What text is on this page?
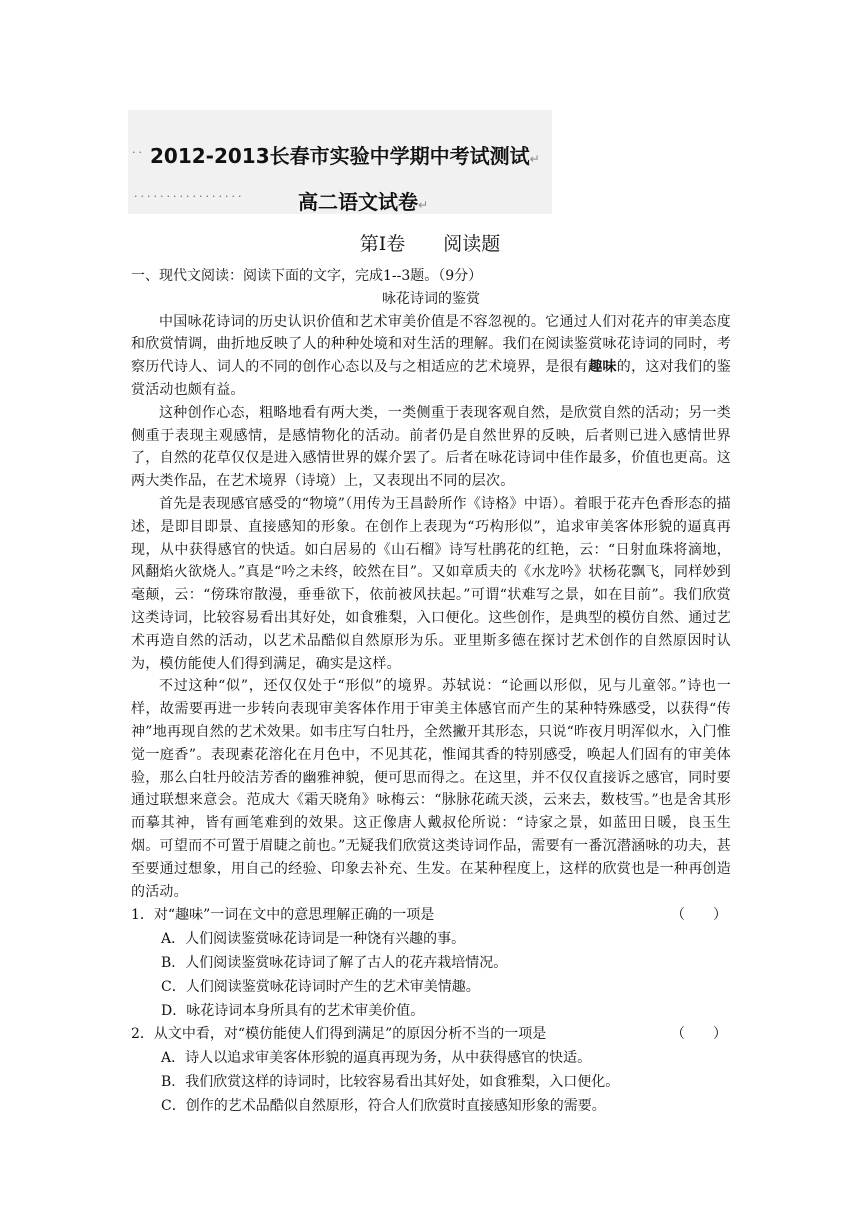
·· 2012-2013长春市实验中学期中考试测试↵
·················	高二语文试卷↵
第Ⅰ卷　　阅读题
一、现代文阅读：阅读下面的文字，完成1--3题。（9分）
咏花诗词的鉴赏

中国咏花诗词的历史认识价值和艺术审美价值是不容忽视的。它通过人们对花卉的审美态度和欣赏情调，曲折地反映了人的种种处境和对生活的理解。我们在阅读鉴赏咏花诗词的同时，考察历代诗人、词人的不同的创作心态以及与之相适应的艺术境界，是很有趣味的，这对我们的鉴赏活动也颇有益。

这种创作心态，粗略地看有两大类，一类侧重于表现客观自然，是欣赏自然的活动；另一类侧重于表现主观感情，是感情物化的活动。前者仍是自然世界的反映，后者则已进入感情世界了，自然的花草仅仅是进入感情世界的媒介罢了。后者在咏花诗词中佳作最多，价值也更高。这两大类作品，在艺术境界（诗境）上，又表现出不同的层次。

首先是表现感官感受的“物境”（用传为王昌龄所作《诗格》中语）。着眼于花卉色香形态的描述，是即目即景、直接感知的形象。在创作上表现为“巧构形似”，追求审美客体形貌的逼真再现，从中获得感官的快适。如白居易的《山石榴》诗写杜鹃花的红艳，云：“日射血珠将滴地，风翻焰火欲烧人。”真是“吟之未终，皎然在目”。又如章质夫的《水龙吟》状杨花飘飞，同样妙到毫颠，云：“傍珠帘散漫，垂垂欲下，依前被风扶起。”可谓“状难写之景，如在目前”。我们欣赏这类诗词，比较容易看出其好处，如食雅梨，入口便化。这些创作，是典型的模仿自然、通过艺术再造自然的活动，以艺术品酷似自然原形为乐。亚里斯多德在探讨艺术创作的自然原因时认为，模仿能使人们得到满足，确实是这样。

不过这种“似”，还仅仅处于“形似”的境界。苏轼说：“论画以形似，见与儿童邻。”诗也一样，故需要再进一步转向表现审美客体作用于审美主体感官而产生的某种特殊感受，以获得“传神”地再现自然的艺术效果。如韦庄写白牡丹，全然撇开其形态，只说“昨夜月明浑似水，入门惟觉一庭香”。表现素花溶化在月色中，不见其花，惟闻其香的特别感受，唤起人们固有的审美体验，那么白牡丹皎洁芳香的幽雅神貌，便可思而得之。在这里，并不仅仅直接诉之感官，同时要通过联想来意会。范成大《霜天晓角》咏梅云：“脉脉花疏天淡，云来去，数枝雪。”也是舍其形而摹其神，皆有画笔难到的效果。这正像唐人戴叔伦所说：“诗家之景，如蓝田日暖，良玉生烟。可望而不可置于眉睫之前也。”无疑我们欣赏这类诗词作品，需要有一番沉潜涵咏的功夫，甚至要通过想象，用自己的经验、印象去补充、生发。在某种程度上，这样的欣赏也是一种再创造的活动。

1．对“趣味”一词在文中的意思理解正确的一项是	（　　）
A．人们阅读鉴赏咏花诗词是一种饶有兴趣的事。
B．人们阅读鉴赏咏花诗词了解了古人的花卉栽培情况。
C．人们阅读鉴赏咏花诗词时产生的艺术审美情趣。
D．咏花诗词本身所具有的艺术审美价值。
2．从文中看，对“模仿能使人们得到满足”的原因分析不当的一项是	（　　）
A．诗人以追求审美客体形貌的逼真再现为务，从中获得感官的快适。
B．我们欣赏这样的诗词时，比较容易看出其好处，如食雅梨，入口便化。
C．创作的艺术品酷似自然原形，符合人们欣赏时直接感知形象的需要。
